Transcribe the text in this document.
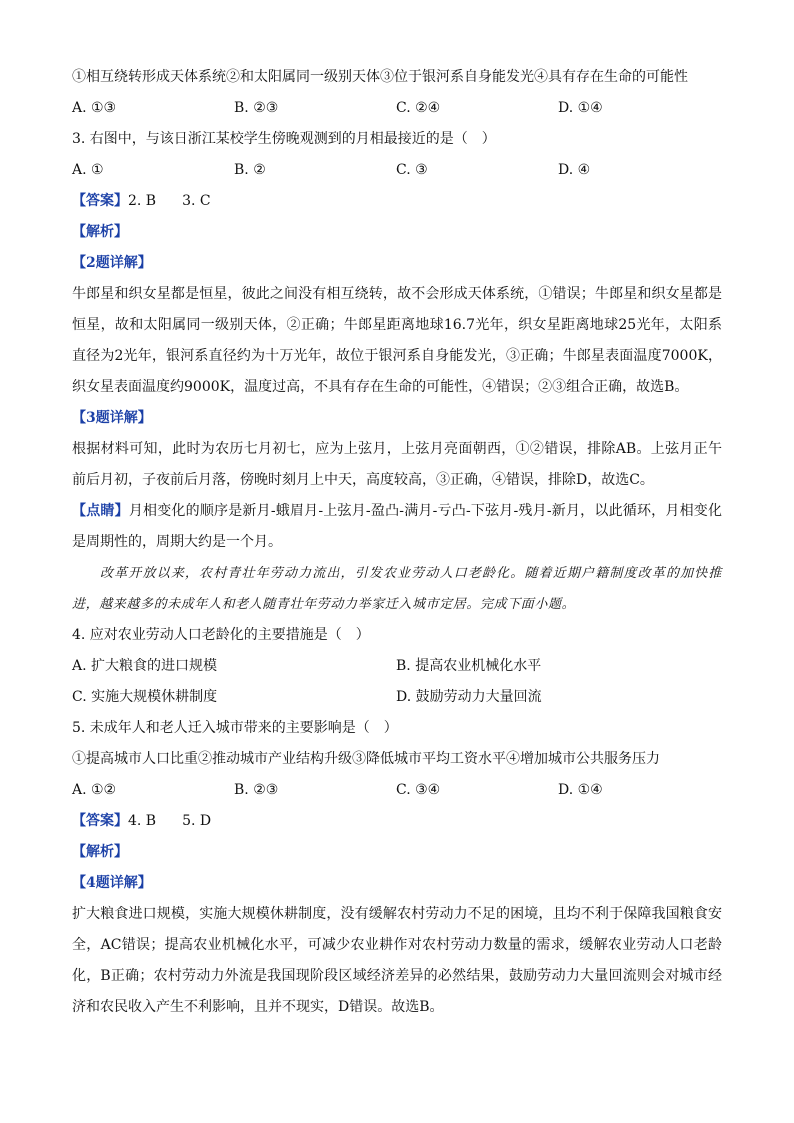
①相互绕转形成天体系统②和太阳属同一级别天体③位于银河系自身能发光④具有存在生命的可能性
A. ①③	B. ②③	C. ②④	D. ①④
3. 右图中，与该日浙江某校学生傍晚观测到的月相最接近的是（　）
A. ①	B. ②	C. ③	D. ④
【答案】2. B 3. C
【解析】
【2题详解】
牛郎星和织女星都是恒星，彼此之间没有相互绕转，故不会形成天体系统，①错误；牛郎星和织女星都是恒星，故和太阳属同一级别天体，②正确；牛郎星距离地球16.7光年，织女星距离地球25光年，太阳系直径为2光年，银河系直径约为十万光年，故位于银河系自身能发光，③正确；牛郎星表面温度7000K，织女星表面温度约9000K，温度过高，不具有存在生命的可能性，④错误；②③组合正确，故选B。
【3题详解】
根据材料可知，此时为农历七月初七，应为上弦月，上弦月亮面朝西，①②错误，排除AB。上弦月正午前后月初，子夜前后月落，傍晚时刻月上中天，高度较高，③正确，④错误，排除D，故选C。
【点睛】月相变化的顺序是新月-蛾眉月-上弦月-盈凸-满月-亏凸-下弦月-残月-新月，以此循环，月相变化是周期性的，周期大约是一个月。
改革开放以来，农村青壮年劳动力流出，引发农业劳动人口老龄化。随着近期户籍制度改革的加快推进，越来越多的未成年人和老人随青壮年劳动力举家迁入城市定居。完成下面小题。
4. 应对农业劳动人口老龄化的主要措施是（　）
A. 扩大粮食的进口规模	B. 提高农业机械化水平
C. 实施大规模休耕制度	D. 鼓励劳动力大量回流
5. 未成年人和老人迁入城市带来的主要影响是（　）
①提高城市人口比重②推动城市产业结构升级③降低城市平均工资水平④增加城市公共服务压力
A. ①②	B. ②③	C. ③④	D. ①④
【答案】4. B 5. D
【解析】
【4题详解】
扩大粮食进口规模，实施大规模休耕制度，没有缓解农村劳动力不足的困境，且均不利于保障我国粮食安全，AC错误；提高农业机械化水平，可减少农业耕作对农村劳动力数量的需求，缓解农业劳动人口老龄化，B正确；农村劳动力外流是我国现阶段区域经济差异的必然结果，鼓励劳动力大量回流则会对城市经济和农民收入产生不利影响，且并不现实，D错误。故选B。
